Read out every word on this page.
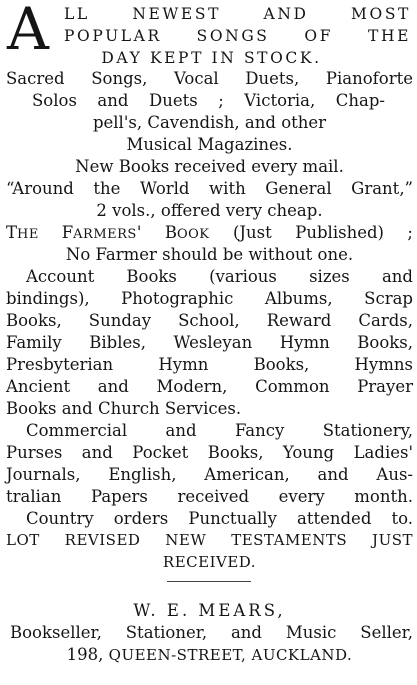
A LL NEWEST AND MOST
POPULAR SONGS OF THE
DAY KEPT IN STOCK.
Sacred Songs, Vocal Duets, Pianoforte
Solos and Duets ; Victoria, Chap-
pell's, Cavendish, and other
Musical Magazines.
New Books received every mail.
“Around the World with General Grant,”
2 vols., offered very cheap.
THE FARMERS' BOOK (Just Published) ;
No Farmer should be without one.
Account Books (various sizes and
bindings), Photographic Albums, Scrap
Books, Sunday School, Reward Cards,
Family Bibles, Wesleyan Hymn Books,
Presbyterian Hymn Books, Hymns
Ancient and Modern, Common Prayer
Books and Church Services.
Commercial and Fancy Stationery,
Purses and Pocket Books, Young Ladies'
Journals, English, American, and Aus-
tralian Papers received every month.
Country orders Punctually attended to.
LOT REVISED NEW TESTAMENTS JUST
RECEIVED.
W. E. MEARS,
Bookseller, Stationer, and Music Seller,
198, QUEEN-STREET, AUCKLAND.
